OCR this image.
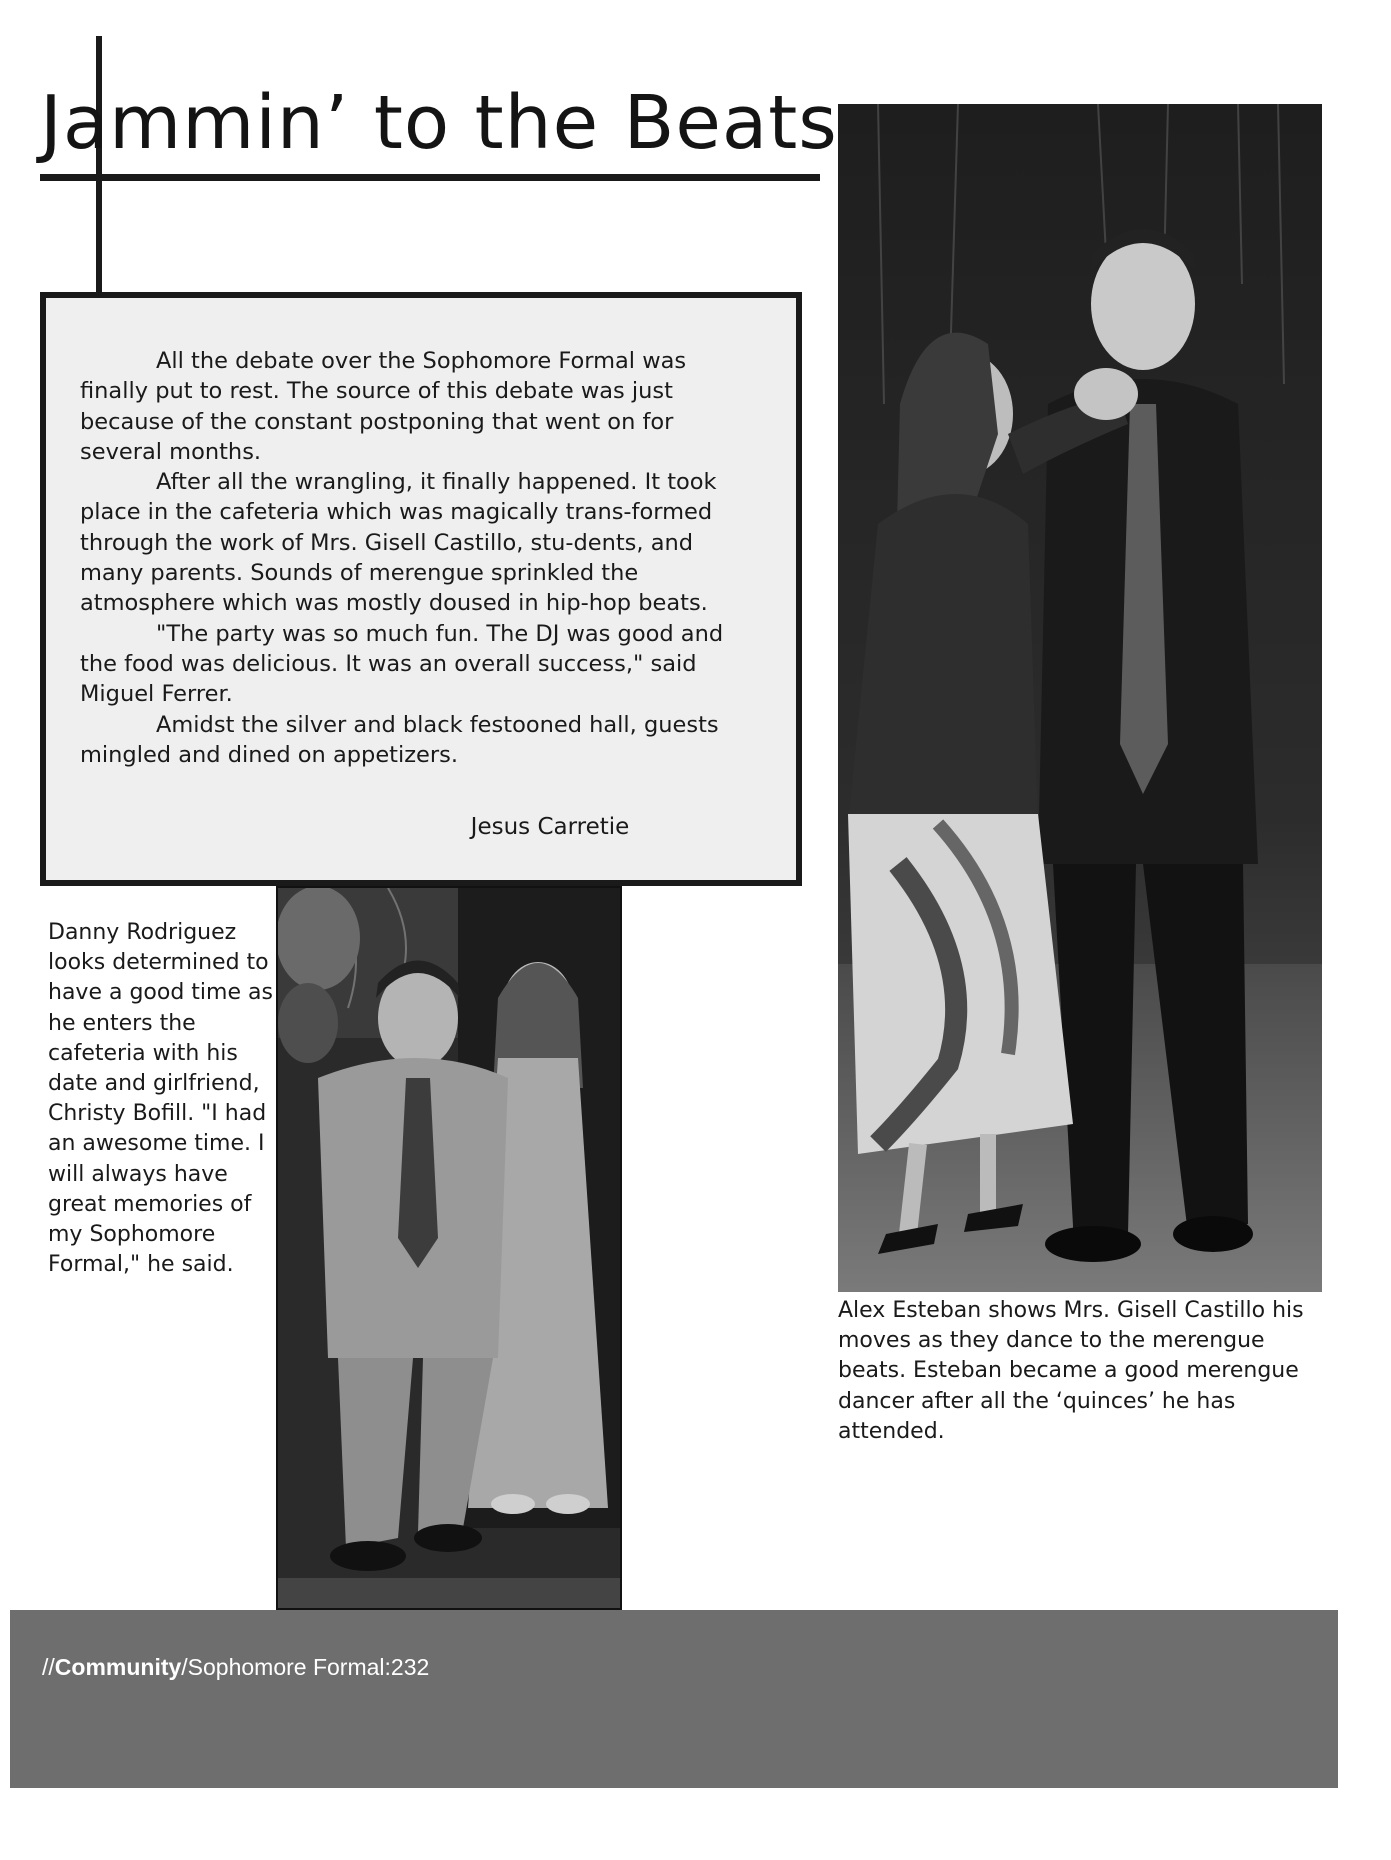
Jammin’ to the Beats

All the debate over the Sophomore Formal was finally put to rest. The source of this debate was just because of the constant postponing that went on for several months.

After all the wrangling, it finally happened. It took place in the cafeteria which was magically trans-formed through the work of Mrs. Gisell Castillo, stu-dents, and many parents. Sounds of merengue sprinkled the atmosphere which was mostly doused in hip-hop beats.

"The party was so much fun. The DJ was good and the food was delicious. It was an overall success," said Miguel Ferrer.

Amidst the silver and black festooned hall, guests mingled and dined on appetizers.

Jesus Carretie
Danny Rodriguez looks determined to have a good time as he enters the cafeteria with his date and girlfriend, Christy Bofill. "I had an awesome time. I will always have great memories of my Sophomore Formal," he said.
Alex Esteban shows Mrs. Gisell Castillo his moves as they dance to the merengue beats. Esteban became a good merengue dancer after all the ‘quinces’ he has attended.
//Community/Sophomore Formal:232
